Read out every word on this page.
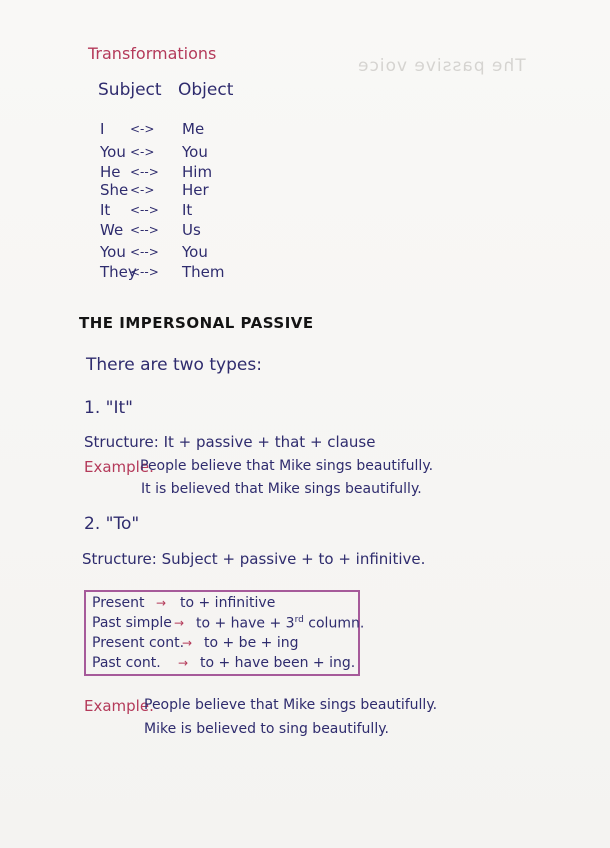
The passive voice
Transformations
Subject Object
I <-> Me
You <-> You
He <--> Him
She <-> Her
It <--> It
We <--> Us
You <--> You
They
<--> Them
THE IMPERSONAL PASSIVE
There are two types:
1. "It"
Structure: It + passive + that + clause
Example.
People believe that Mike sings beautifully.
It is believed that Mike sings beautifully.
2. "To"
Structure: Subject + passive + to + infinitive.
Present → to + infinitive
Past simple → to + have + 3rd column.
Present cont.
→ to + be + ing
Past cont. → to + have been + ing.
Example.
People believe that Mike sings beautifully.
Mike is believed to sing beautifully.
